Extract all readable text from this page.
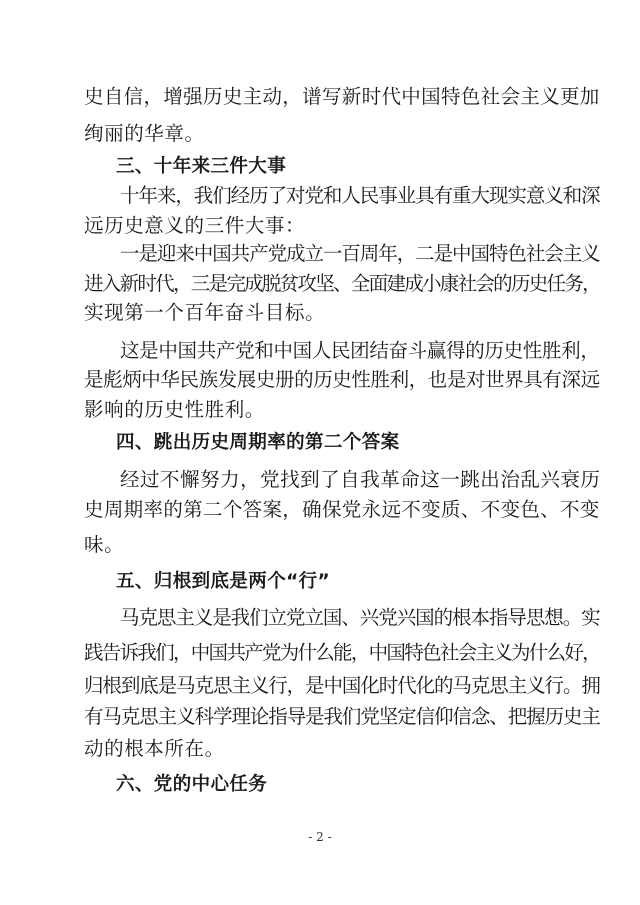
史自信，增强历史主动，谱写新时代中国特色社会主义更加
绚丽的华章。
三、十年来三件大事
十年来，我们经历了对党和人民事业具有重大现实意义和深
远历史意义的三件大事：
一是迎来中国共产党成立一百周年，二是中国特色社会主义
进入新时代，三是完成脱贫攻坚、全面建成小康社会的历史任务，
实现第一个百年奋斗目标。
这是中国共产党和中国人民团结奋斗赢得的历史性胜利，
是彪炳中华民族发展史册的历史性胜利，也是对世界具有深远
影响的历史性胜利。
四、跳出历史周期率的第二个答案
经过不懈努力，党找到了自我革命这一跳出治乱兴衰历
史周期率的第二个答案，确保党永远不变质、不变色、不变
味。
五、归根到底是两个“行”
马克思主义是我们立党立国、兴党兴国的根本指导思想。实
践告诉我们，中国共产党为什么能，中国特色社会主义为什么好，
归根到底是马克思主义行，是中国化时代化的马克思主义行。拥
有马克思主义科学理论指导是我们党坚定信仰信念、把握历史主
动的根本所在。
六、党的中心任务
- 2 -
